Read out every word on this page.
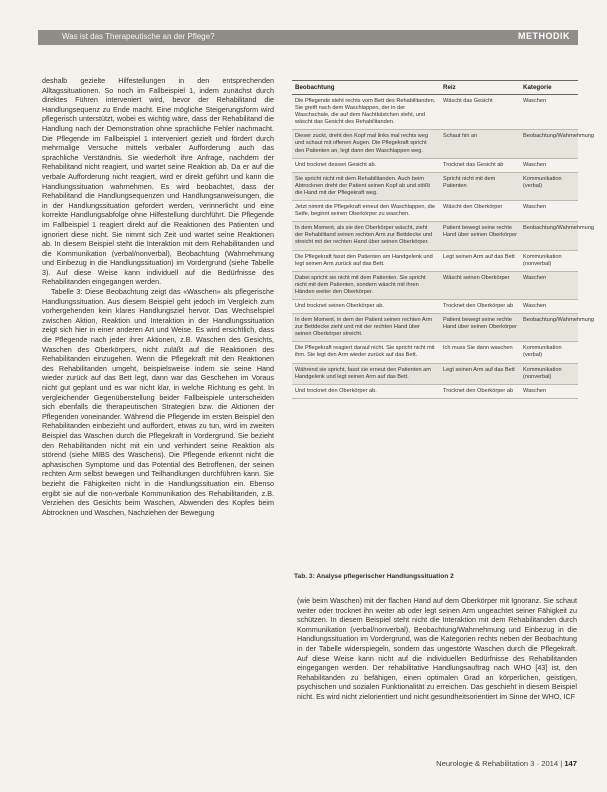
Was ist das Therapeutische an der Pflege?	METHODIK

deshalb gezielte Hilfestellungen in den entsprechenden Alltagssituationen. So noch im Fallbeispiel 1, indem zunächst durch direktes Führen interveniert wird, bevor der Rehabilitand die Handlungsequenz zu Ende macht. Eine mögliche Steigerungsform wird pflegerisch unterstützt, wobei es wichtig wäre, dass der Rehabilitand die Handlung nach der Demonstration ohne sprachliche Fehler nachmacht. Die Pflegende im Fallbeispiel 1 interveniert gezielt und fördert durch mehrmalige Versuche mittels verbaler Aufforderung auch das sprachliche Verständnis. Sie wiederholt ihre Anfrage, nachdem der Rehabilitand nicht reagiert, und wartet seine Reaktion ab. Da er auf die verbale Aufforderung nicht reagiert, wird er direkt geführt und kann die Handlungssituation wahrnehmen. Es wird beobachtet, dass der Rehabilitand die Handlungsequenzen und Handlungsanweisungen, die in der Handlungssituation gefordert werden, verinnerlicht und eine korrekte Handlungsabfolge ohne Hilfestellung durchführt. Die Pflegende im Fallbeispiel 1 reagiert direkt auf die Reaktionen des Patienten und ignoriert diese nicht. Sie nimmt sich Zeit und wartet seine Reaktionen ab. In diesem Beispiel steht die Interaktion mit dem Rehabilitanden und die Kommunikation (verbal/nonverbal), Beobachtung (Wahrnehmung und Einbezug in die Handlungssituation) im Vordergrund (siehe Tabelle 3). Auf diese Weise kann individuell auf die Bedürfnisse des Rehabilitanden eingegangen werden.

Tabelle 3: Diese Beobachtung zeigt das «Waschen» als pflegerische Handlungssituation. Aus diesem Beispiel geht jedoch im Vergleich zum vorhergehenden kein klares Handlungsziel hervor. Das Wechselspiel zwischen Aktion, Reaktion und Interaktion in der Handlungssituation zeigt sich hier in einer anderen Art und Weise. Es wird ersichtlich, dass die Pflegende nach jeder ihrer Aktionen, z.B. Waschen des Gesichts, Waschen des Oberkörpers, nicht zuläßt auf die Reaktionen des Rehabilitanden einzugehen. Wenn die Pflegekraft mit den Reaktionen des Rehabilitanden umgeht, beispielsweise indem sie seine Hand wieder zurück auf das Bett legt, dann war das Geschehen im Voraus nicht gut geplant und es war nicht klar, in welche Richtung es geht. In vergleichender Gegenüberstellung beider Fallbeispiele unterscheiden sich ebenfalls die therapeutischen Strategien bzw. die Aktionen der Pflegenden voneinander. Während die Pflegende im ersten Beispiel den Rehabilitanden einbezieht und auffordert, etwas zu tun, wird im zweiten Beispiel das Waschen durch die Pflegekraft in Vordergrund. Sie bezieht den Rehabilitanden nicht mit ein und verhindert seine Reaktion als störend (siehe MIBS des Waschens). Die Pflegende erkennt nicht die aphasischen Symptome und das Potential des Betroffenen, der seinen rechten Arm selbst bewegen und Teilhandlungen durchführen kann. Sie bezieht die Fähigkeiten nicht in die Handlungssituation ein. Ebenso ergibt sie auf die non-verbale Kommunikation des Rehabilitanden, z.B. Verziehen des Gesichts beim Waschen, Abwenden des Kopfes beim Abtrocknen und Waschen, Nachziehen der Bewegung

Beobachtung	Reiz	Kategorie
Die Pflegende steht rechts vom Bett des Rehabilitanden. Sie greift nach dem Waschlappen, der in der Waschschale, die auf dem Nachtkästchen steht, und wäscht das Gesicht des Rehabilitanden.	Wäscht das Gesicht	Waschen
Dieser zuckt, dreht den Kopf mal links mal rechts weg und schaut mit offenen Augen. Die Pflegekraft spricht den Patienten an, legt dann den Waschlappen weg.	Schaut hin an	Beobachtung/Wahrnehmung
Und trocknet dessen Gesicht ab.	Trocknet das Gesicht ab	Waschen
Sie spricht nicht mit dem Rehabilitanden. Auch beim Abtrocknen dreht der Patient seinen Kopf ab und stößt die Hand mit der Pflegekraft weg.	Spricht nicht mit dem Patienten	Kommunikation (verbal)
Jetzt nimmt die Pflegekraft erneut den Waschlappen, die Seife, beginnt seinen Oberkörper zu waschen.	Wäscht den Oberkörper	Waschen
In dem Moment, als sie den Oberkörper wäscht, zieht der Rehabilitand seinen rechten Arm zur Bettdecke und streicht mit der rechten Hand über seinen Oberkörper.	Patient bewegt seine rechte Hand über seinen Oberkörper	Beobachtung/Wahrnehmung
Die Pflegekraft fasst den Patienten am Handgelenk und legt seinen Arm zurück auf das Bett.	Legt seinen Arm auf das Bett	Kommunikation (nonverbal)
Dabei spricht sie nicht mit dem Patienten. Sie spricht nicht mit dem Patienten, sondern wäscht mit ihren Händen weiter den Oberkörper.	Wäscht seinen Oberkörper	Waschen
Und trocknet seinen Oberkörper ab.	Trocknet den Oberkörper ab	Waschen
In dem Moment, in dem der Patient seinen rechten Arm zur Bettdecke zieht und mit der rechten Hand über seinen Oberkörper streicht.	Patient bewegt seine rechte Hand über seinen Oberkörper	Beobachtung/Wahrnehmung
Die Pflegekraft reagiert darauf nicht. Sie spricht nicht mit ihm. Sie legt den Arm wieder zurück auf das Bett.	Ich muss Sie dann waschen	Kommunikation (verbal)
Während sie spricht, fasst sie erneut den Patienten am Handgelenk und legt seinen Arm auf das Bett.	Legt seinen Arm auf das Bett	Kommunikation (nonverbal)
Und trocknet den Oberkörper ab.	Trocknet den Oberkörper ab	Waschen
Tab. 3: Analyse pflegerischer Handlungssituation 2

(wie beim Waschen) mit der flachen Hand auf dem Oberkörper mit Ignoranz. Sie schaut weiter oder trocknet ihn weiter ab oder legt seinen Arm ungeachtet seiner Fähigkeit zu schützen. In diesem Beispiel steht nicht die Interaktion mit dem Rehabilitanden durch Kommunikation (verbal/nonverbal), Beobachtung/Wahrnehmung und Einbezug in die Handlungssituation im Vordergrund, was die Kategorien rechts neben der Beobachtung in der Tabelle widerspiegeln, sondern das ungestörte Waschen durch die Pflegekraft. Auf diese Weise kann nicht auf die individuellen Bedürfnisse des Rehabilitanden eingegangen werden. Der rehabilitative Handlungsauftrag nach WHO [43] ist, den Rehabilitanden zu befähigen, einen optimalen Grad an körperlichen, geistigen, psychischen und sozialen Funktionalität zu erreichen. Das geschieht in diesem Beispiel nicht. Es wird nicht zielorientiert und nicht gesundheitsorientiert im Sinne der WHO, ICF

Neurologie & Rehabilitation 3 · 2014 | 147
